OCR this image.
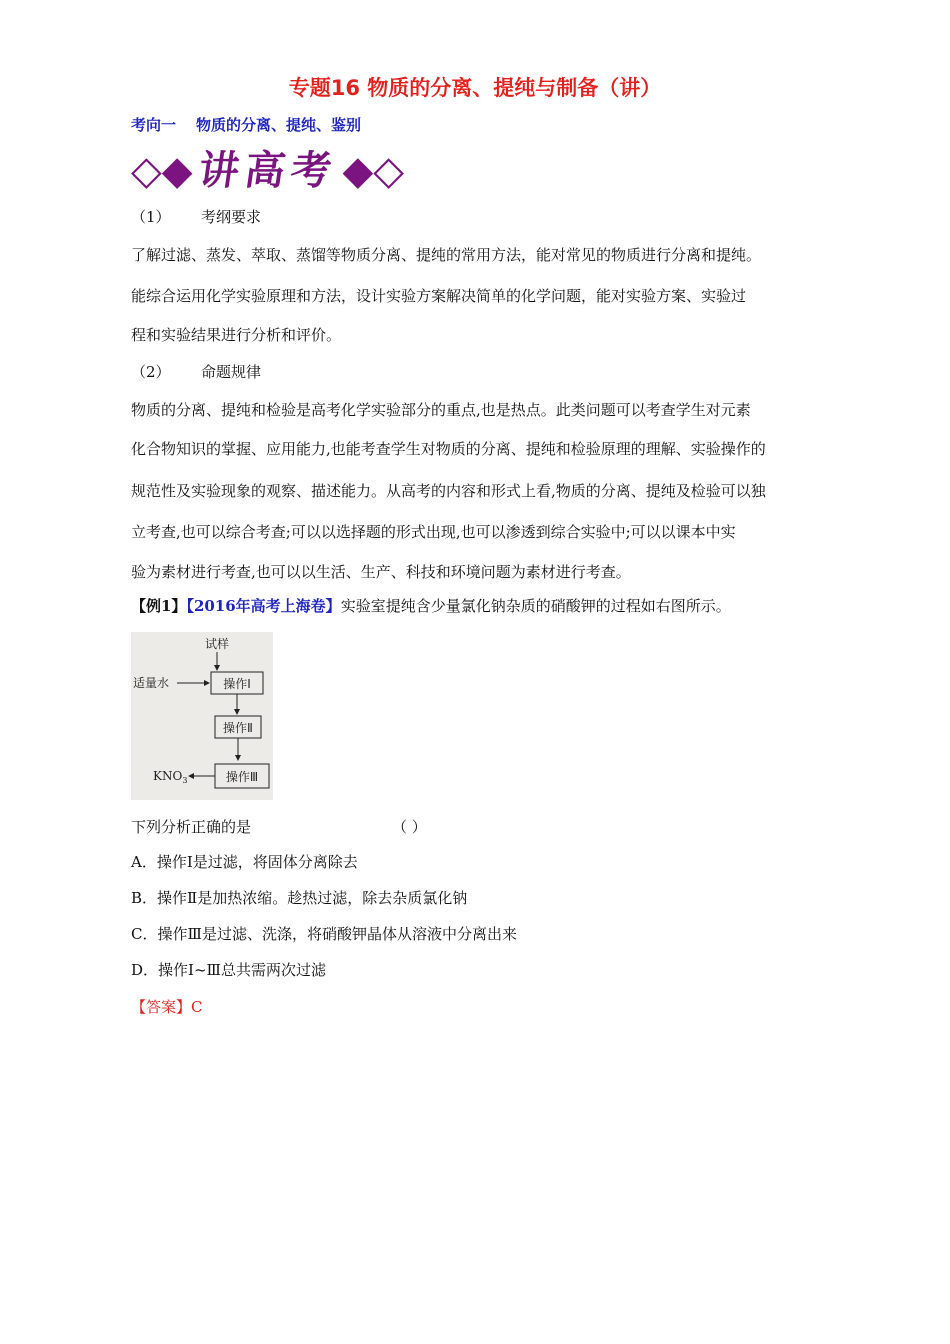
专题16 物质的分离、提纯与制备（讲）
考向一 物质的分离、提纯、鉴别
◇◆ 讲高考 ◆◇
（1） 考纲要求
了解过滤、蒸发、萃取、蒸馏等物质分离、提纯的常用方法，能对常见的物质进行分离和提纯。
能综合运用化学实验原理和方法，设计实验方案解决简单的化学问题，能对实验方案、实验过
程和实验结果进行分析和评价。
（2） 命题规律
物质的分离、提纯和检验是高考化学实验部分的重点,也是热点。此类问题可以考查学生对元素
化合物知识的掌握、应用能力,也能考查学生对物质的分离、提纯和检验原理的理解、实验操作的
规范性及实验现象的观察、描述能力。从高考的内容和形式上看,物质的分离、提纯及检验可以独
立考查,也可以综合考查;可以以选择题的形式出现,也可以渗透到综合实验中;可以以课本中实
验为素材进行考查,也可以以生活、生产、科技和环境问题为素材进行考查。
【例1】【2016年高考上海卷】实验室提纯含少量氯化钠杂质的硝酸钾的过程如右图所示。
试样
操作Ⅰ
适量水
操作Ⅱ
操作Ⅲ
$KNO_3$
下列分析正确的是	（ ）
A．操作Ⅰ是过滤，将固体分离除去
B．操作Ⅱ是加热浓缩。趁热过滤，除去杂质氯化钠
C．操作Ⅲ是过滤、洗涤，将硝酸钾晶体从溶液中分离出来
D．操作Ⅰ~Ⅲ总共需两次过滤
【答案】C
